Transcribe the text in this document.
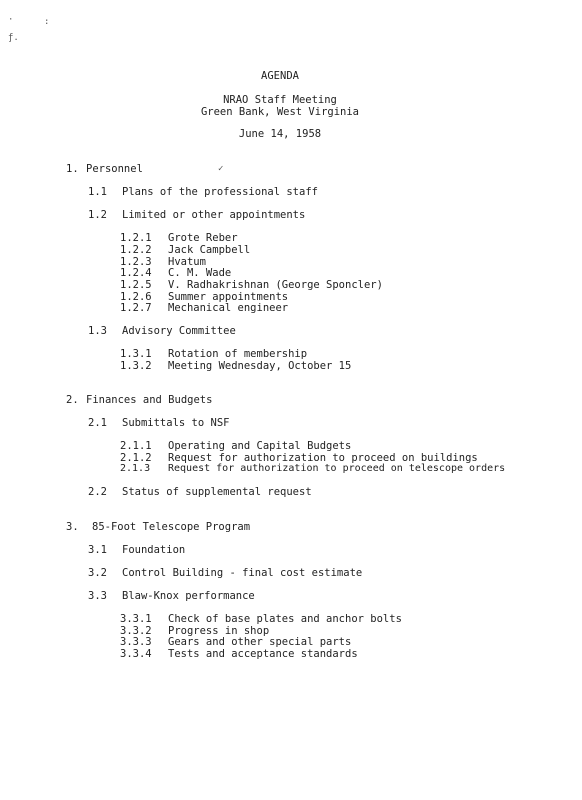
·	:
ƒ.
✓
AGENDA
NRAO Staff Meeting
Green Bank, West Virginia
June 14, 1958
1. Personnel
1.1 Plans of the professional staff
1.2 Limited or other appointments
1.2.1 Grote Reber
1.2.2 Jack Campbell
1.2.3 Hvatum
1.2.4 C. M. Wade
1.2.5 V. Radhakrishnan (George Sponcler)
1.2.6 Summer appointments
1.2.7 Mechanical engineer
1.3 Advisory Committee
1.3.1 Rotation of membership
1.3.2 Meeting Wednesday, October 15
2. Finances and Budgets
2.1 Submittals to NSF
2.1.1 Operating and Capital Budgets
2.1.2 Request for authorization to proceed on buildings
2.1.3 Request for authorization to proceed on telescope orders
2.2 Status of supplemental request
3. 85-Foot Telescope Program
3.1 Foundation
3.2 Control Building - final cost estimate
3.3 Blaw-Knox performance
3.3.1 Check of base plates and anchor bolts
3.3.2 Progress in shop
3.3.3 Gears and other special parts
3.3.4 Tests and acceptance standards
